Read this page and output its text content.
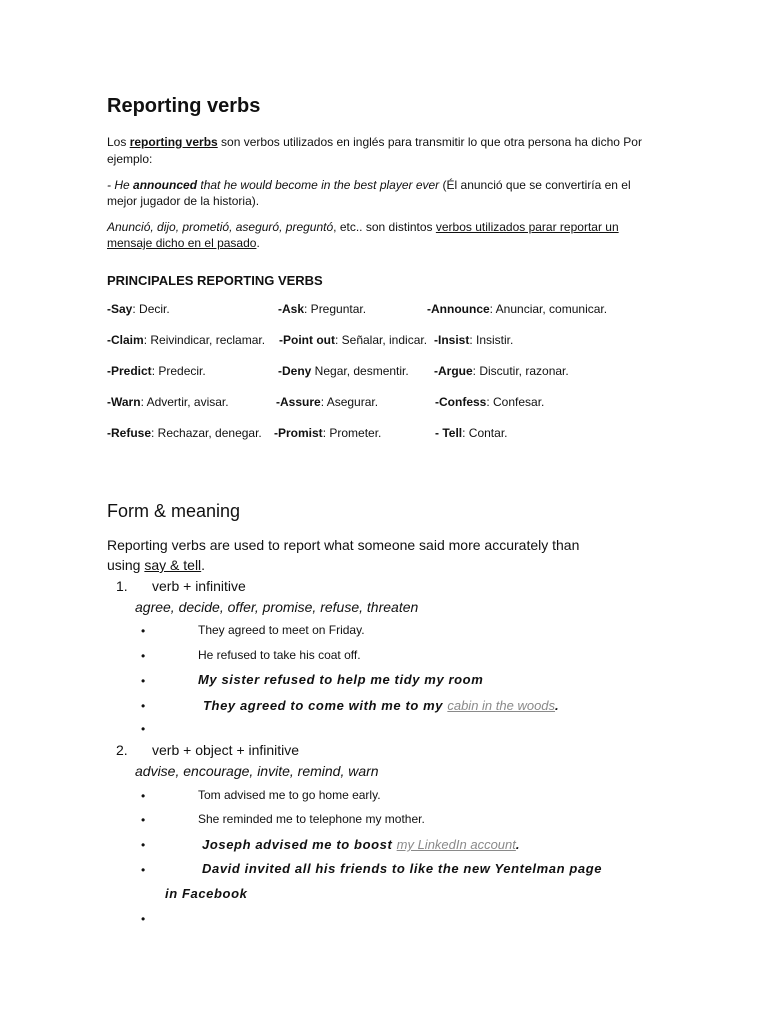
Reporting verbs
Los reporting verbs son verbos utilizados en inglés para transmitir lo que otra persona ha dicho Por
ejemplo:
- He announced that he would become in the best player ever (Él anunció que se convertiría en el
mejor jugador de la historia).
Anunció, dijo, prometió, aseguró, preguntó, etc.. son distintos verbos utilizados parar reportar un
mensaje dicho en el pasado.
PRINCIPALES REPORTING VERBS
-Say: Decir.	-Ask: Preguntar.	-Announce: Anunciar, comunicar.
-Claim: Reivindicar, reclamar. -Point out: Señalar, indicar. -Insist: Insistir.
-Predict: Predecir.	-Deny Negar, desmentir. -Argue: Discutir, razonar.
-Warn: Advertir, avisar.	-Assure: Asegurar.	-Confess: Confesar.
-Refuse: Rechazar, denegar. -Promist: Prometer.	- Tell: Contar.
Form & meaning
Reporting verbs are used to report what someone said more accurately than
using say & tell.
1. verb + infinitive
agree, decide, offer, promise, refuse, threaten
•	They agreed to meet on Friday.
•	He refused to take his coat off.
•	My sister refused to help me tidy my room
•	They agreed to come with me to my cabin in the woods.
•
2. verb + object + infinitive
advise, encourage, invite, remind, warn
•	Tom advised me to go home early.
•	She reminded me to telephone my mother.
•	Joseph advised me to boost my LinkedIn account.
•	David invited all his friends to like the new Yentelman page
in Facebook
•
